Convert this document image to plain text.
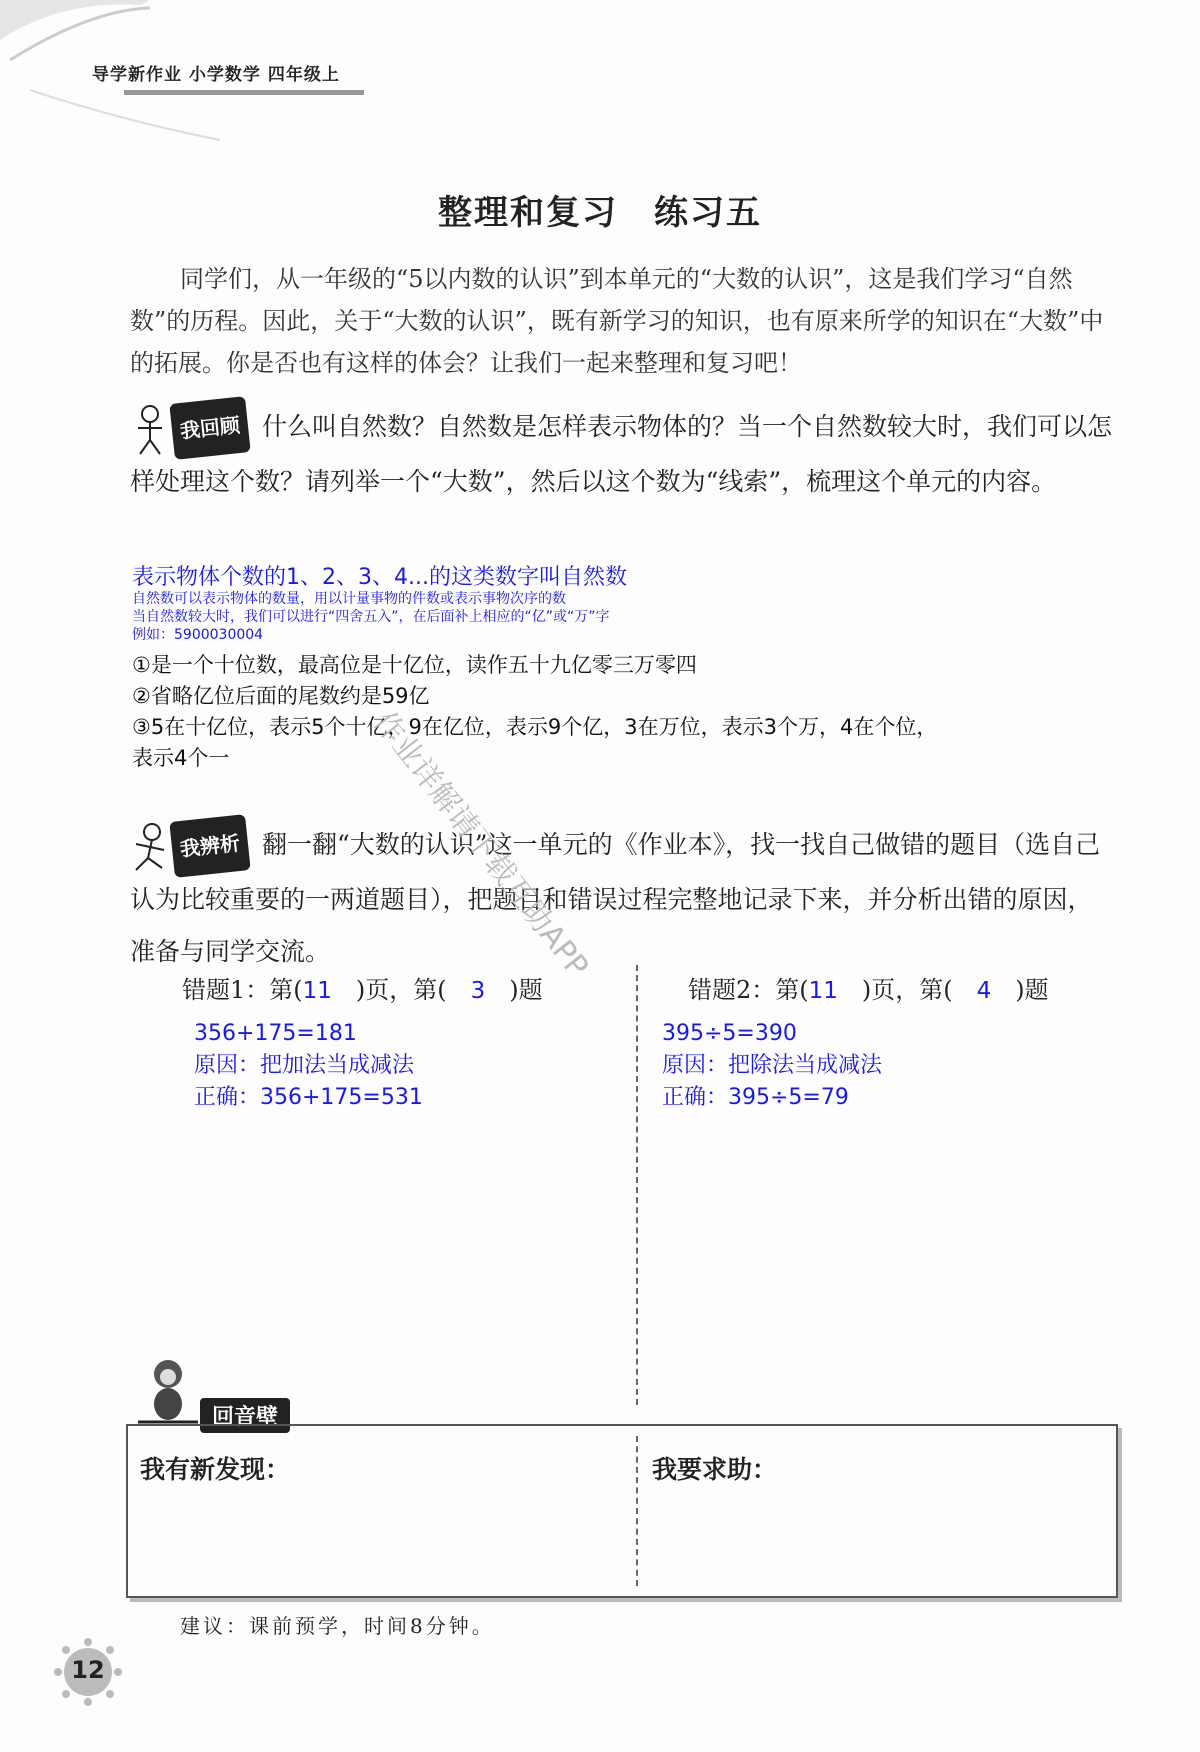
导学新作业 小学数学 四年级上
整理和复习　练习五
同学们，从一年级的“5以内数的认识”到本单元的“大数的认识”，这是我们学习“自然数”的历程。因此，关于“大数的认识”，既有新学习的知识，也有原来所学的知识在“大数”中的拓展。你是否也有这样的体会？让我们一起来整理和复习吧！
我回顾 什么叫自然数？自然数是怎样表示物体的？当一个自然数较大时，我们可以怎样处理这个数？请列举一个“大数”，然后以这个数为“线索”，梳理这个单元的内容。
表示物体个数的1、2、3、4...的这类数字叫自然数
自然数可以表示物体的数量，用以计量事物的件数或表示事物次序的数
当自然数较大时，我们可以进行“四舍五入”，在后面补上相应的“亿”或“万”字
例如：5900030004
①是一个十位数，最高位是十亿位，读作五十九亿零三万零四
②省略亿位后面的尾数约是59亿
③5在十亿位，表示5个十亿，9在亿位，表示9个亿，3在万位，表示3个万，4在个位，
表示4个一
我辨析 翻一翻“大数的认识”这一单元的《作业本》，找一找自己做错的题目（选自己认为比较重要的一两道题目），把题目和错误过程完整地记录下来，并分析出错的原因，准备与同学交流。
错题1：第(11　 )页，第(　 3　 )题
356+175=181
原因：把加法当成减法
正确：356+175=531
错题2：第(11　 )页，第(　 4　 )题
395÷5=390
原因：把除法当成减法
正确：395÷5=79
回音壁
我有新发现：	我要求助：
建议：课前预学，时间8分钟。
12
作业详解请下载互助APP
